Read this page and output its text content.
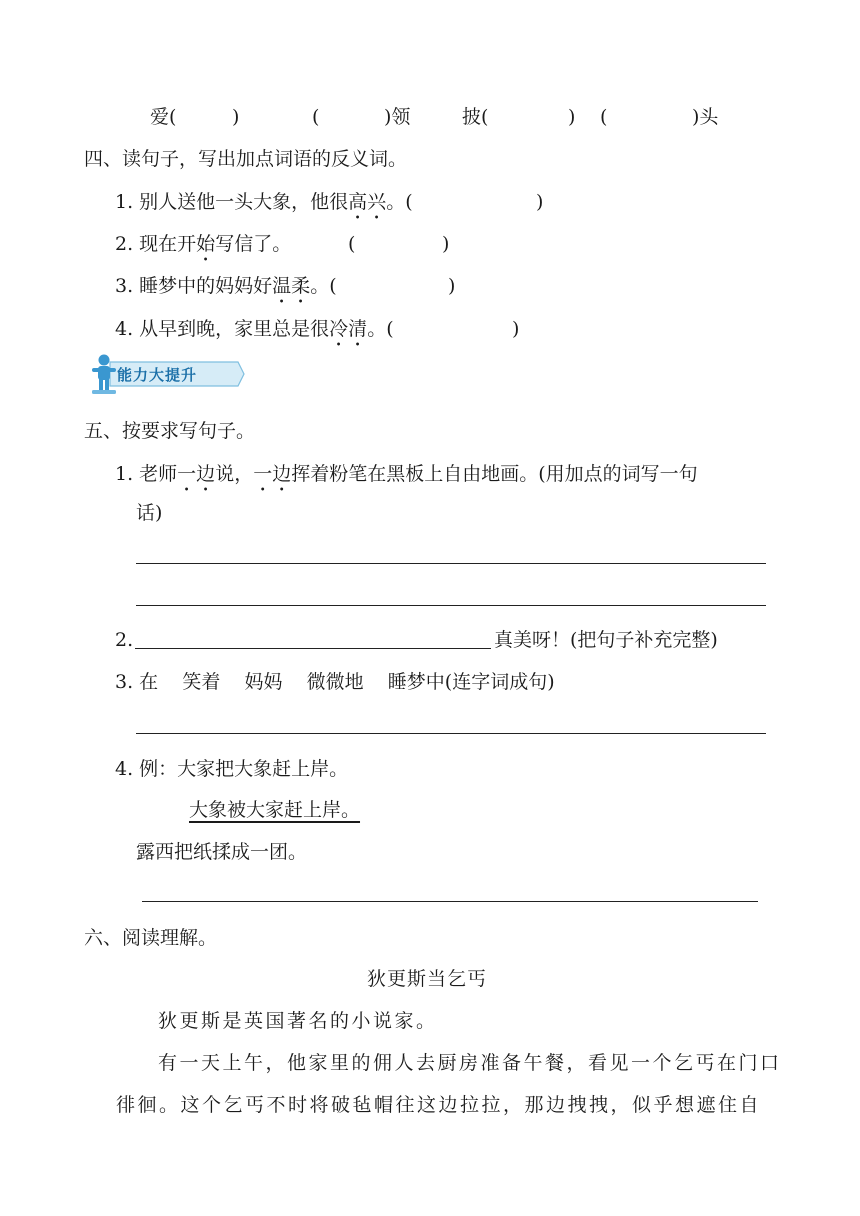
爱(	)	(	)领	披(	) (	)头
四、读句子，写出加点词语的反义词。
1. 别人送他一头大象，他很高兴。(	)
2. 现在开始写信了。	(	)
3. 睡梦中的妈妈好温柔。(	)
4. 从早到晚，家里总是很冷清。(	)
能力大提升
五、按要求写句子。
1. 老师一边说，一边挥着粉笔在黑板上自由地画。(用加点的词写一句
话)
2.	真美呀！(把句子补充完整)
3. 在    笑着    妈妈    微微地    睡梦中(连字词成句)
4. 例：大家把大象赶上岸。
大象被大家赶上岸。
露西把纸揉成一团。
六、阅读理解。
狄更斯当乞丐
狄更斯是英国著名的小说家。
有一天上午，他家里的佣人去厨房准备午餐，看见一个乞丐在门口
徘徊。这个乞丐不时将破毡帽往这边拉拉，那边拽拽，似乎想遮住自
